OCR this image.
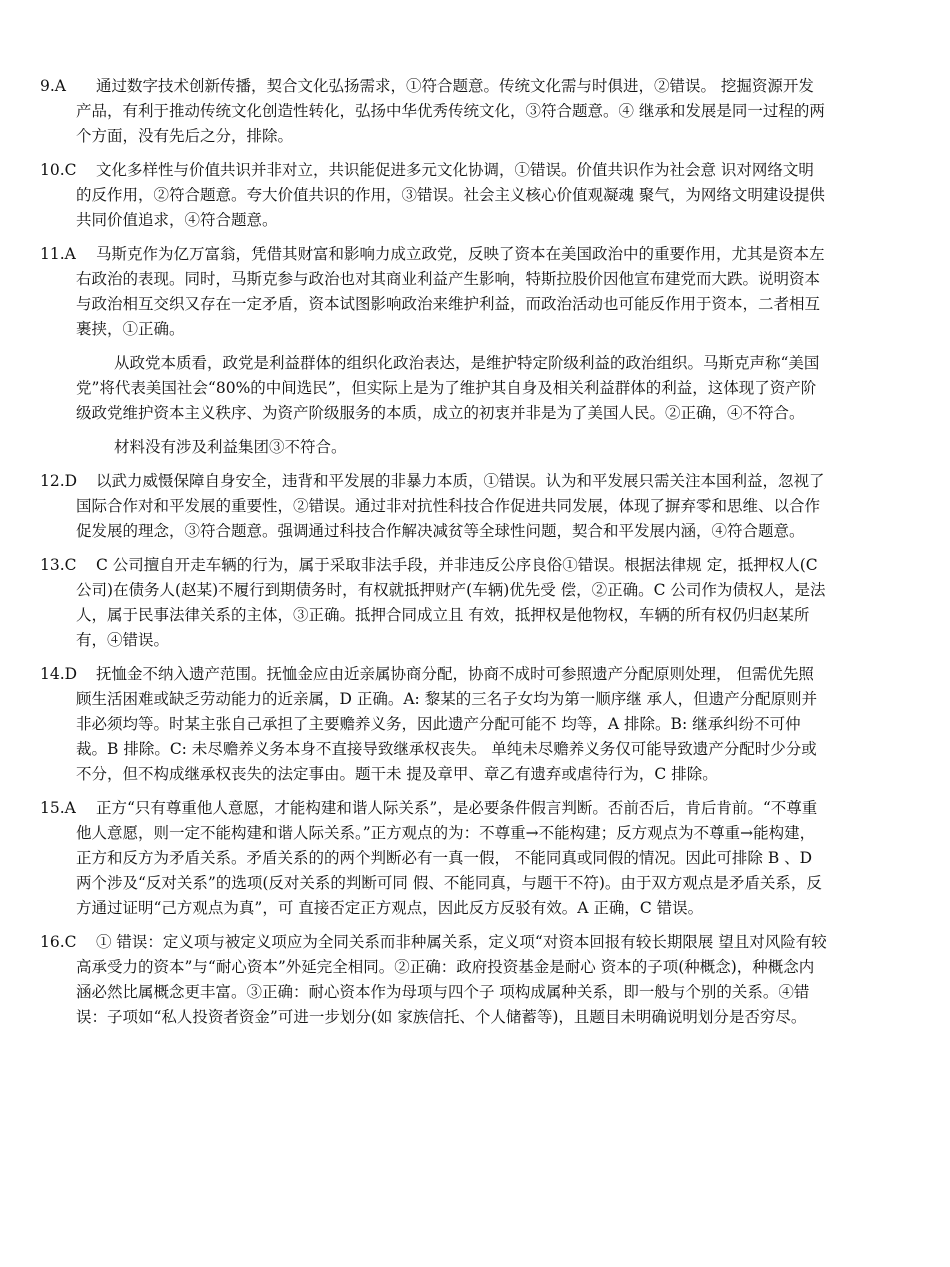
9.A 通过数字技术创新传播，契合文化弘扬需求，①符合题意。传统文化需与时俱进，②错误。 挖掘资源开发产品，有利于推动传统文化创造性转化，弘扬中华优秀传统文化，③符合题意。④ 继承和发展是同一过程的两个方面，没有先后之分，排除。

10.C 文化多样性与价值共识并非对立，共识能促进多元文化协调，①错误。价值共识作为社会意 识对网络文明的反作用，②符合题意。夸大价值共识的作用，③错误。社会主义核心价值观凝魂 聚气，为网络文明建设提供共同价值追求，④符合题意。

11.A 马斯克作为亿万富翁，凭借其财富和影响力成立政党，反映了资本在美国政治中的重要作用，尤其是资本左右政治的表现。同时，马斯克参与政治也对其商业利益产生影响，特斯拉股价因他宣布建党而大跌。说明资本与政治相互交织又存在一定矛盾，资本试图影响政治来维护利益，而政治活动也可能反作用于资本，二者相互裹挟，①正确。

从政党本质看，政党是利益群体的组织化政治表达，是维护特定阶级利益的政治组织。马斯克声称“美国党”将代表美国社会“80%的中间选民”，但实际上是为了维护其自身及相关利益群体的利益，这体现了资产阶级政党维护资本主义秩序、为资产阶级服务的本质，成立的初衷并非是为了美国人民。②正确，④不符合。

材料没有涉及利益集团③不符合。

12.D 以武力威慑保障自身安全，违背和平发展的非暴力本质，①错误。认为和平发展只需关注本国利益，忽视了国际合作对和平发展的重要性，②错误。通过非对抗性科技合作促进共同发展，体现了摒弃零和思维、以合作促发展的理念，③符合题意。强调通过科技合作解决减贫等全球性问题，契合和平发展内涵，④符合题意。

13.C C 公司擅自开走车辆的行为，属于采取非法手段，并非违反公序良俗①错误。根据法律规 定，抵押权人(C 公司)在债务人(赵某)不履行到期债务时，有权就抵押财产(车辆)优先受 偿，②正确。C 公司作为债权人，是法人，属于民事法律关系的主体，③正确。抵押合同成立且 有效，抵押权是他物权，车辆的所有权仍归赵某所有，④错误。

14.D 抚恤金不纳入遗产范围。抚恤金应由近亲属协商分配，协商不成时可参照遗产分配原则处理， 但需优先照顾生活困难或缺乏劳动能力的近亲属，D 正确。A: 黎某的三名子女均为第一顺序继 承人，但遗产分配原则并非必须均等。时某主张自己承担了主要赡养义务，因此遗产分配可能不 均等，A 排除。B: 继承纠纷不可仲裁。B 排除。C: 未尽赡养义务本身不直接导致继承权丧失。 单纯未尽赡养义务仅可能导致遗产分配时少分或不分，但不构成继承权丧失的法定事由。题干未 提及章甲、章乙有遗弃或虐待行为，C 排除。

15.A 正方“只有尊重他人意愿，才能构建和谐人际关系”，是必要条件假言判断。否前否后，肯后肯前。“不尊重他人意愿，则一定不能构建和谐人际关系。”正方观点的为：不尊重→不能构建；反方观点为不尊重→能构建，正方和反方为矛盾关系。矛盾关系的的两个判断必有一真一假， 不能同真或同假的情况。因此可排除 B 、D 两个涉及“反对关系”的选项(反对关系的判断可同 假、不能同真，与题干不符)。由于双方观点是矛盾关系，反方通过证明“己方观点为真”，可 直接否定正方观点，因此反方反驳有效。A 正确，C 错误。

16.C ① 错误：定义项与被定义项应为全同关系而非种属关系，定义项“对资本回报有较长期限展 望且对风险有较高承受力的资本”与“耐心资本”外延完全相同。②正确：政府投资基金是耐心 资本的子项(种概念)，种概念内涵必然比属概念更丰富。③正确：耐心资本作为母项与四个子 项构成属种关系，即一般与个别的关系。④错误：子项如“私人投资者资金”可进一步划分(如 家族信托、个人储蓄等)，且题目未明确说明划分是否穷尽。
